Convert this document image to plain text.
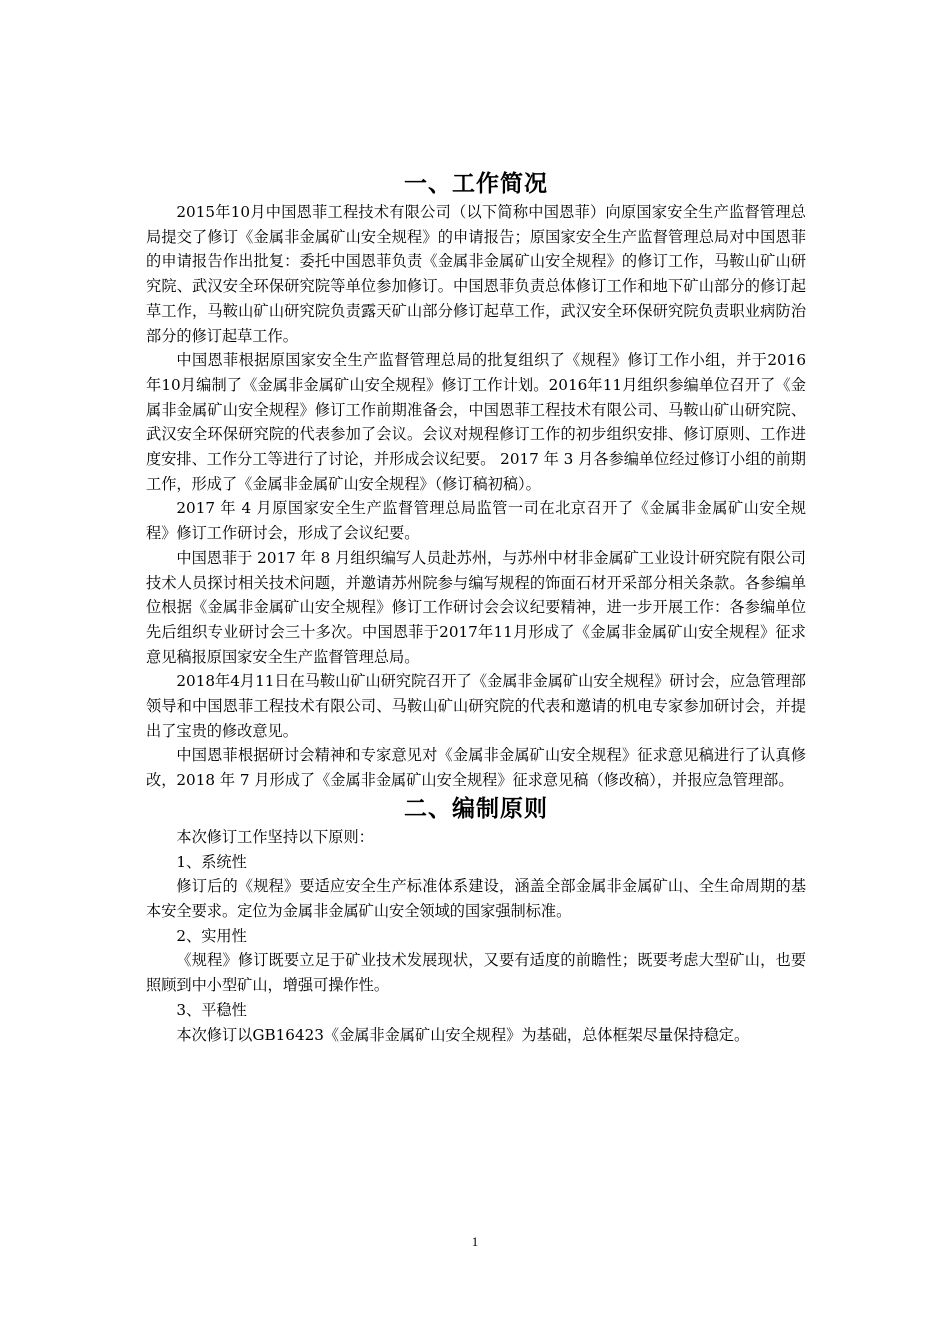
一、工作简况

2015年10月中国恩菲工程技术有限公司（以下简称中国恩菲）向原国家安全生产监督管理总局提交了修订《金属非金属矿山安全规程》的申请报告；原国家安全生产监督管理总局对中国恩菲的申请报告作出批复：委托中国恩菲负责《金属非金属矿山安全规程》的修订工作，马鞍山矿山研究院、武汉安全环保研究院等单位参加修订。中国恩菲负责总体修订工作和地下矿山部分的修订起草工作，马鞍山矿山研究院负责露天矿山部分修订起草工作，武汉安全环保研究院负责职业病防治部分的修订起草工作。

中国恩菲根据原国家安全生产监督管理总局的批复组织了《规程》修订工作小组，并于2016年10月编制了《金属非金属矿山安全规程》修订工作计划。2016年11月组织参编单位召开了《金属非金属矿山安全规程》修订工作前期准备会，中国恩菲工程技术有限公司、马鞍山矿山研究院、武汉安全环保研究院的代表参加了会议。会议对规程修订工作的初步组织安排、修订原则、工作进度安排、工作分工等进行了讨论，并形成会议纪要。 2017 年 3 月各参编单位经过修订小组的前期工作，形成了《金属非金属矿山安全规程》（修订稿初稿）。

2017 年 4 月原国家安全生产监督管理总局监管一司在北京召开了《金属非金属矿山安全规程》修订工作研讨会，形成了会议纪要。

中国恩菲于 2017 年 8 月组织编写人员赴苏州，与苏州中材非金属矿工业设计研究院有限公司技术人员探讨相关技术问题，并邀请苏州院参与编写规程的饰面石材开采部分相关条款。各参编单位根据《金属非金属矿山安全规程》修订工作研讨会会议纪要精神，进一步开展工作：各参编单位先后组织专业研讨会三十多次。中国恩菲于2017年11月形成了《金属非金属矿山安全规程》征求意见稿报原国家安全生产监督管理总局。

2018年4月11日在马鞍山矿山研究院召开了《金属非金属矿山安全规程》研讨会，应急管理部领导和中国恩菲工程技术有限公司、马鞍山矿山研究院的代表和邀请的机电专家参加研讨会，并提出了宝贵的修改意见。

中国恩菲根据研讨会精神和专家意见对《金属非金属矿山安全规程》征求意见稿进行了认真修改，2018 年 7 月形成了《金属非金属矿山安全规程》征求意见稿（修改稿），并报应急管理部。

二、编制原则

本次修订工作坚持以下原则：

1、系统性

修订后的《规程》要适应安全生产标准体系建设，涵盖全部金属非金属矿山、全生命周期的基本安全要求。定位为金属非金属矿山安全领域的国家强制标准。

2、实用性

《规程》修订既要立足于矿业技术发展现状，又要有适度的前瞻性；既要考虑大型矿山，也要照顾到中小型矿山，增强可操作性。

3、平稳性

本次修订以GB16423《金属非金属矿山安全规程》为基础，总体框架尽量保持稳定。

1
